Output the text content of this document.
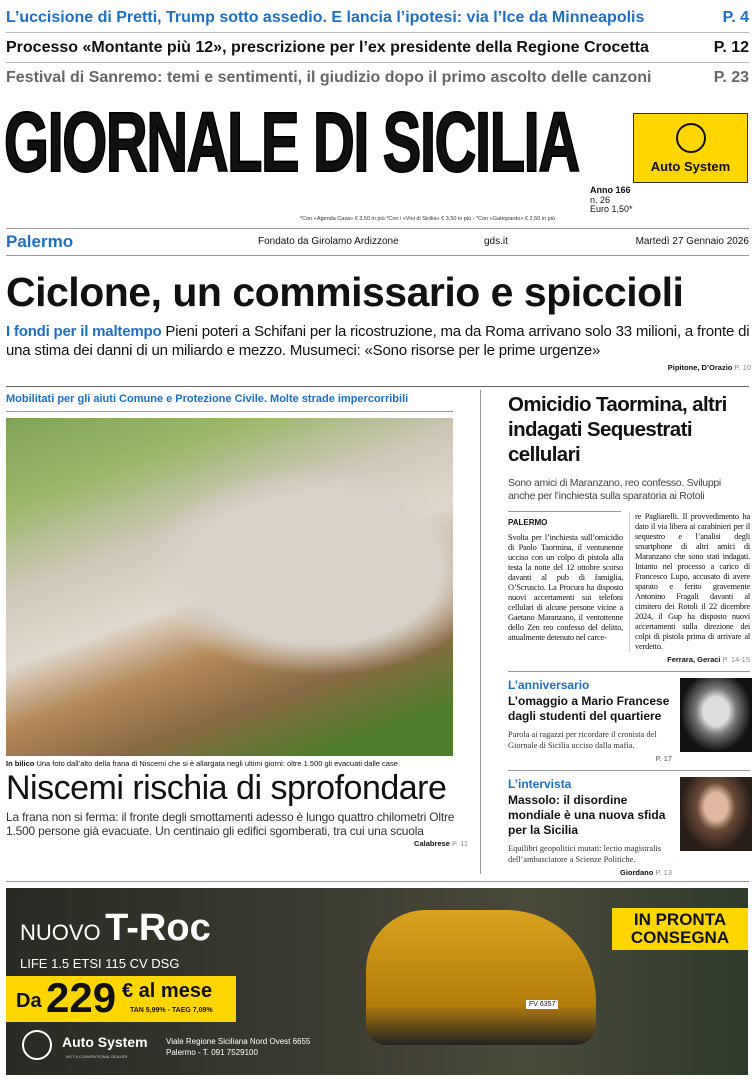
L’uccisione di Pretti, Trump sotto assedio. E lancia l’ipotesi: via l’Ice da Minneapolis	P. 4
Processo «Montante più 12», prescrizione per l’ex presidente della Regione Crocetta	P. 12
Festival di Sanremo: temi e sentimenti, il giudizio dopo il primo ascolto delle canzoni	P. 23
GIORNALE DI SICILIA	Auto System
Anno 166
n. 26
Euro 1,50*
*Con «Agenda Casa» € 3,50 in più.*Con i «Vini di Sicilia» € 3,50 in più - *Con «Gattopardo» € 2,50 in più
Palermo	Fondato da Girolamo Ardizzone	gds.it	Martedì 27 Gennaio 2026
Ciclone, un commissario e spiccioli
I fondi per il maltempo Pieni poteri a Schifani per la ricostruzione, ma da Roma arrivano solo 33 milioni, a fronte di una stima dei danni di un miliardo e mezzo. Musumeci: «Sono risorse per le prime urgenze»
Pipitone, D’Orazio P. 10
Mobilitati per gli aiuti Comune e Protezione Civile. Molte strade impercorribili
In bilico Una foto dall’alto della frana di Niscemi che si è allargata negli ultimi giorni: oltre 1.500 gli evacuati dalle case
Niscemi rischia di sprofondare
La frana non si ferma: il fronte degli smottamenti adesso è lungo quattro chilometri Oltre 1.500 persone già evacuate. Un centinaio gli edifici sgomberati, tra cui una scuola
Calabrese P. 11
Omicidio Taormina, altri indagati Sequestrati cellulari
Sono amici di Maranzano, reo confesso. Sviluppi anche per l’inchiesta sulla sparatoria ai Rotoli
PALERMO
Svolta per l’inchiesta sull’omicidio di Paolo Taormina, il ventunenne ucciso con un colpo di pistola alla testa la notte del 12 ottobre scorso davanti al pub di famiglia, O’Scruscio. La Procura ha disposto nuovi accertamenti sui telefoni cellulari di alcune persone vicine a Gaetano Maranzano, il ventottenne dello Zen reo confesso del delitto, attualmente detenuto nel carce-
re Pagliarelli. Il provvedimento ha dato il via libera ai carabinieri per il sequestro e l’analisi degli smartphone di altri amici di Maranzano che sono stati indagati. Intanto nel processo a carico di Francesco Lupo, accusato di avere sparato e ferito gravemente Antonino Fragali davanti al cimitero dei Rotoli il 22 dicembre 2024, il Gup ha disposto nuovi accertamenti sulla direzione dei colpi di pistola prima di arrivare al verdetto.
Ferrara, Geraci P. 14-15
L’anniversario
L’omaggio a Mario Francese dagli studenti del quartiere
Parola ai ragazzi per ricordare il cronista del Giornale di Sicilia ucciso dalla mafia.
P. 17
L’intervista
Massolo: il disordine mondiale è una nuova sfida per la Sicilia
Equilibri geopolitici mutati: lectio magistralis dell’ambasciatore a Scienze Politiche.
Giordano P. 13
FV 6357
NUOVO T-Roc
LIFE 1.5 ETSI 115 CV DSG
Da 229 € al mese
TAN 5,99% - TAEG 7,09%
Auto System
NOT A CONVENTIONAL DEALER
Viale Regione Siciliana Nord Ovest 6655
Palermo - T. 091 7529100
IN PRONTA CONSEGNA
